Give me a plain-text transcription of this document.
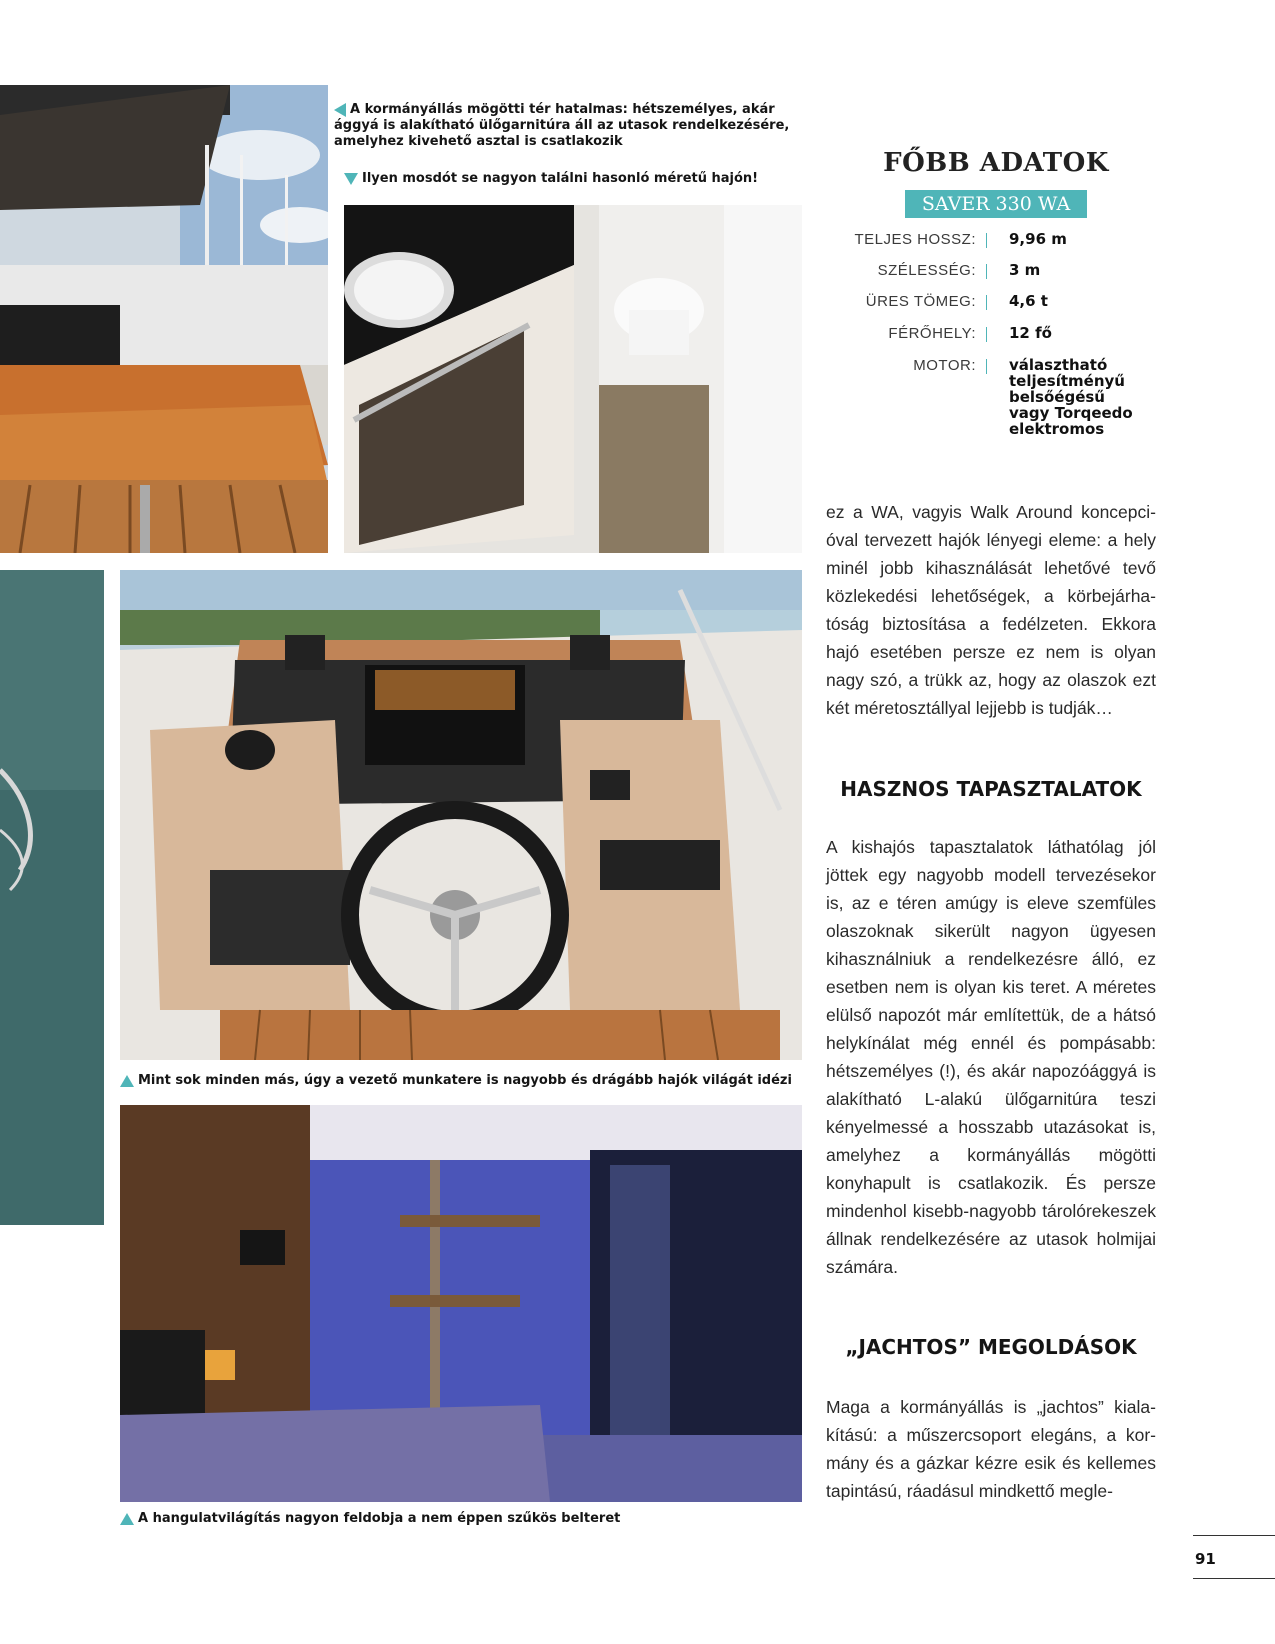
A kormányállás mögötti tér hatalmas: hétszemélyes, akár ággyá is alakítható ülőgarnitúra áll az utasok rendelkezésére, amelyhez kivehető asztal is csatlakozik
Ilyen mosdót se nagyon találni hasonló méretű hajón!
Mint sok minden más, úgy a vezető munkatere is nagyobb és drágább hajók világát idézi
A hangulatvilágítás nagyon feldobja a nem éppen szűkös belteret
FŐBB ADATOK
SAVER 330 WA
TELJES HOSSZ: 9,96 m
SZÉLESSÉG: 3 m
ÜRES TÖMEG: 4,6 t
FÉRŐHELY: 12 fő
MOTOR: választható teljesítményű belsőégésű vagy Torqeedo elektromos

ez a WA, vagyis Walk Around koncepcióval tervezett hajók lényegi eleme: a hely minél jobb kihasználását lehetővé tevő közlekedési lehetőségek, a körbejárhatóság biztosítása a fedélzeten. Ekkora hajó esetében persze ez nem is olyan nagy szó, a trükk az, hogy az olaszok ezt két méretosztállyal lejjebb is tudják…

HASZNOS TAPASZTALATOK

A kishajós tapasztalatok láthatólag jól jöttek egy nagyobb modell tervezésekor is, az e téren amúgy is eleve szemfüles olaszoknak sikerült nagyon ügyesen kihasználniuk a rendelkezésre álló, ez esetben nem is olyan kis teret. A méretes elülső napozót már említettük, de a hátsó helykínálat még ennél és pompásabb: hétszemélyes (!), és akár napozóággyá is alakítható L-alakú ülőgarnitúra teszi kényelmessé a hosszabb utazásokat is, amelyhez a kormányállás mögötti konyhapult is csatlakozik. És persze mindenhol kisebb-nagyobb tárolórekeszek állnak rendelkezésére az utasok holmijai számára.

„JACHTOS” MEGOLDÁSOK

Maga a kormányállás is „jachtos” kialakítású: a műszercsoport elegáns, a kormány és a gázkar kézre esik és kellemes tapintású, ráadásul mindkettő megle-

91
